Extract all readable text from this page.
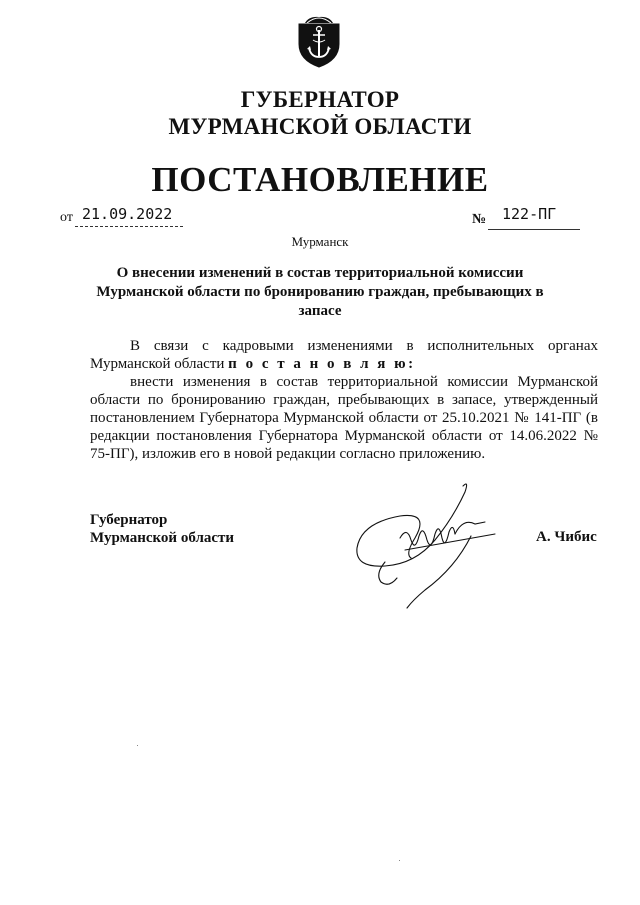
ГУБЕРНАТОР
МУРМАНСКОЙ ОБЛАСТИ
ПОСТАНОВЛЕНИЕ
от 21.09.2022	№ 122-ПГ
Мурманск
О внесении изменений в состав территориальной комиссии Мурманской области по бронированию граждан, пребывающих в запасе

В связи с кадровыми изменениями в исполнительных органах Мурманской области п о с т а н о в л я ю:

внести изменения в состав территориальной комиссии Мурманской области по бронированию граждан, пребывающих в запасе, утвержденный постановлением Губернатора Мурманской области от 25.10.2021 № 141-ПГ (в редакции постановления Губернатора Мурманской области от 14.06.2022 № 75-ПГ), изложив его в новой редакции согласно приложению.

Губернатор
Мурманской области	А. Чибис
